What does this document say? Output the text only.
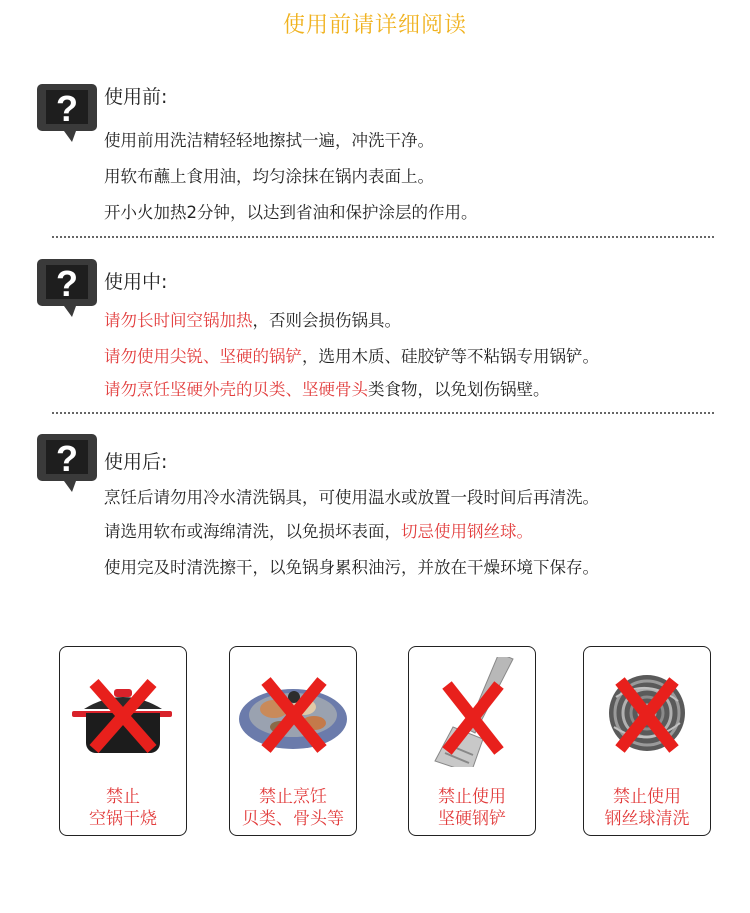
使用前请详细阅读
? 使用前:
使用前用洗洁精轻轻地擦拭一遍，冲洗干净。
用软布蘸上食用油，均匀涂抹在锅内表面上。
开小火加热2分钟，以达到省油和保护涂层的作用。
? 使用中:
请勿长时间空锅加热，否则会损伤锅具。
请勿使用尖锐、坚硬的锅铲，选用木质、硅胶铲等不粘锅专用锅铲。
请勿烹饪坚硬外壳的贝类、坚硬骨头类食物，以免划伤锅壁。
? 使用后:
烹饪后请勿用冷水清洗锅具，可使用温水或放置一段时间后再清洗。
请选用软布或海绵清洗，以免损坏表面，切忌使用钢丝球。
使用完及时清洗擦干，以免锅身累积油污，并放在干燥环境下保存。
禁止
空锅干烧
禁止烹饪
贝类、骨头等
禁止使用
坚硬钢铲
禁止使用
钢丝球清洗
